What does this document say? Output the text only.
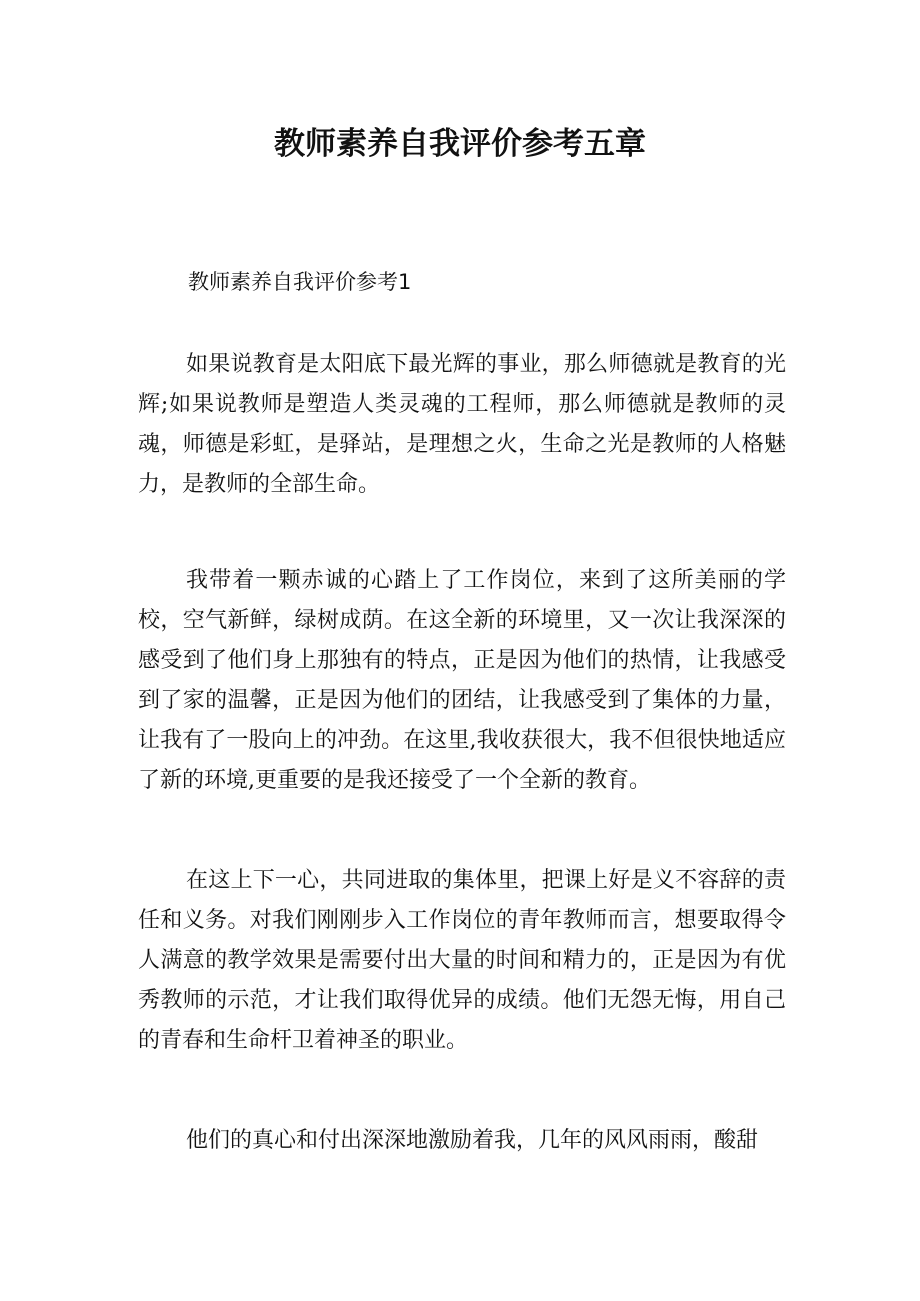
教师素养自我评价参考五章

教师素养自我评价参考1

如果说教育是太阳底下最光辉的事业，那么师德就是教育的光辉;如果说教师是塑造人类灵魂的工程师，那么师德就是教师的灵魂，师德是彩虹，是驿站，是理想之火，生命之光是教师的人格魅力，是教师的全部生命。

我带着一颗赤诚的心踏上了工作岗位，来到了这所美丽的学校，空气新鲜，绿树成荫。在这全新的环境里，又一次让我深深的感受到了他们身上那独有的特点，正是因为他们的热情，让我感受到了家的温馨，正是因为他们的团结，让我感受到了集体的力量，让我有了一股向上的冲劲。在这里,我收获很大，我不但很快地适应了新的环境,更重要的是我还接受了一个全新的教育。

在这上下一心，共同进取的集体里，把课上好是义不容辞的责任和义务。对我们刚刚步入工作岗位的青年教师而言，想要取得令人满意的教学效果是需要付出大量的时间和精力的，正是因为有优秀教师的示范，才让我们取得优异的成绩。他们无怨无悔，用自己的青春和生命杆卫着神圣的职业。

他们的真心和付出深深地激励着我，几年的风风雨雨，酸甜
